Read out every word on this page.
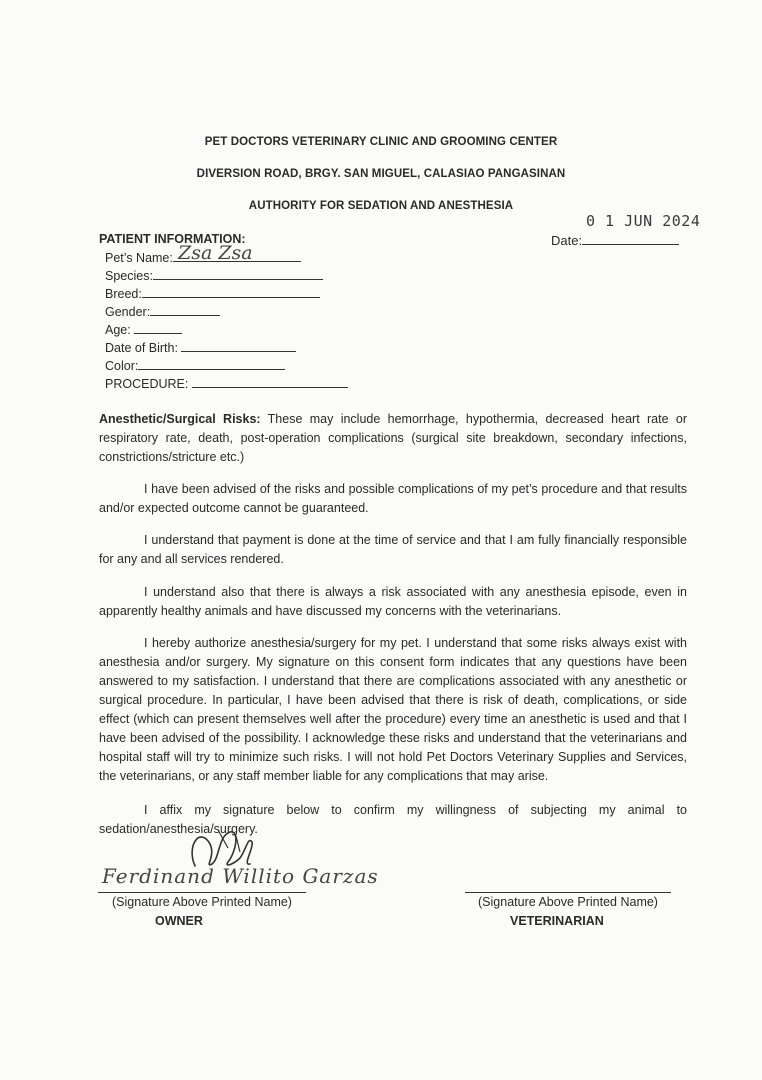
PET DOCTORS VETERINARY CLINIC AND GROOMING CENTER
DIVERSION ROAD, BRGY. SAN MIGUEL, CALASIAO PANGASINAN
AUTHORITY FOR SEDATION AND ANESTHESIA
0 1 JUN 2024
Date:
PATIENT INFORMATION:
Pet’s Name: Zsa Zsa
Species:
Breed:
Gender:
Age:
Date of Birth:
Color:
PROCEDURE:
Anesthetic/Surgical Risks: These may include hemorrhage, hypothermia, decreased heart rate or respiratory rate, death, post-operation complications (surgical site breakdown, secondary infections, constrictions/stricture etc.)
I have been advised of the risks and possible complications of my pet’s procedure and that results and/or expected outcome cannot be guaranteed.
I understand that payment is done at the time of service and that I am fully financially responsible for any and all services rendered.
I understand also that there is always a risk associated with any anesthesia episode, even in apparently healthy animals and have discussed my concerns with the veterinarians.
I hereby authorize anesthesia/surgery for my pet. I understand that some risks always exist with anesthesia and/or surgery. My signature on this consent form indicates that any questions have been answered to my satisfaction. I understand that there are complications associated with any anesthetic or surgical procedure. In particular, I have been advised that there is risk of death, complications, or side effect (which can present themselves well after the procedure) every time an anesthetic is used and that I have been advised of the possibility. I acknowledge these risks and understand that the veterinarians and hospital staff will try to minimize such risks. I will not hold Pet Doctors Veterinary Supplies and Services, the veterinarians, or any staff member liable for any complications that may arise.
I affix my signature below to confirm my willingness of subjecting my animal to sedation/anesthesia/surgery.
Ferdinand Willito Garzas
(Signature Above Printed Name)
OWNER
(Signature Above Printed Name)
VETERINARIAN
